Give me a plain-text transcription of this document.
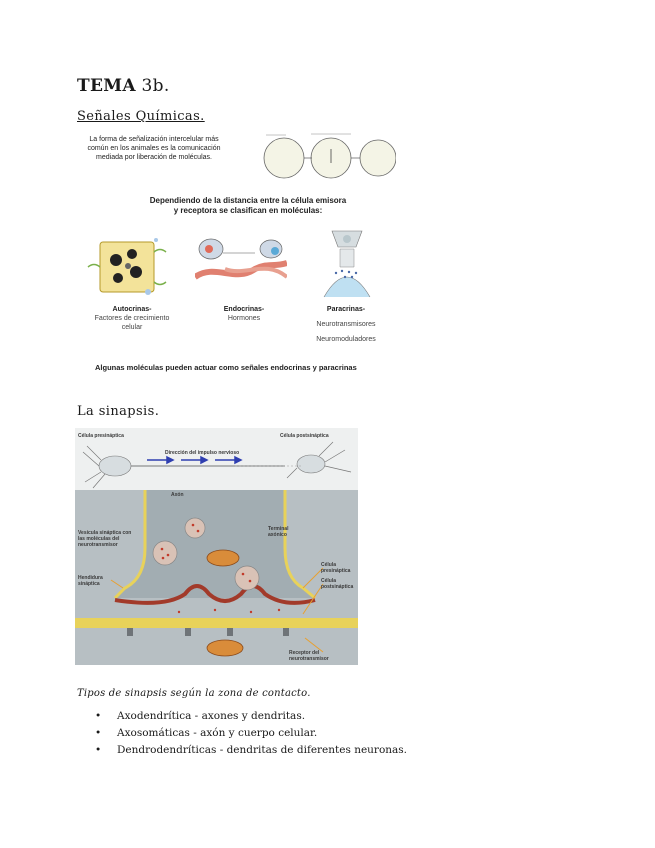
TEMA 3b.
Señales Químicas.
La forma de señalización intercelular más común en los animales es la comunicación mediada por liberación de moléculas.
Dependiendo de la distancia entre la célula emisora y receptora se clasifican en moléculas:
Autocrinas-
Factores de crecimiento celular
Endocrinas-
Hormones
Paracrinas-
Neurotransmisores
Neuromoduladores
Algunas moléculas pueden actuar como señales endocrinas y paracrinas
La sinapsis.
Célula presináptica	Célula postsináptica
Dirección del impulso nervioso
Axón
Vesícula sináptica con las moléculas del neurotransmisor
Terminal axónico
Célula presináptica
Célula postsináptica
Hendidura sináptica
Receptor del neurotransmisor
Tipos de sinapsis según la zona de contacto.
• Axodendrítica - axones y dendritas.
• Axosomáticas - axón y cuerpo celular.
• Dendrodendríticas - dendritas de diferentes neuronas.
